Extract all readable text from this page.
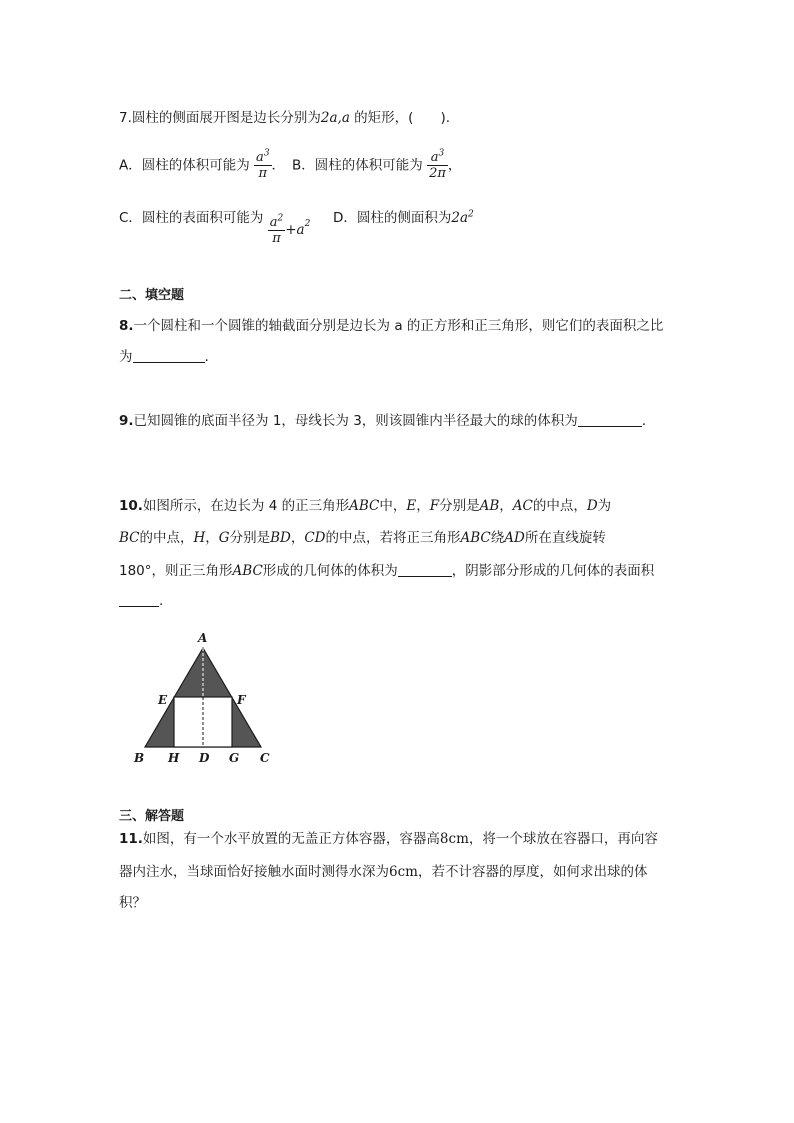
7.圆柱的侧面展开图是边长分别为2a,a 的矩形，(　　).
A．圆柱的体积可能为 $\frac{a^3}{\pi}$ ． B．圆柱的体积可能为 $\frac{a^3}{2\pi}$ ，
C．圆柱的表面积可能为 $\frac{a^2}{\pi} +a^2$ D．圆柱的侧面积为$2a^2$
二、填空题
8.一个圆柱和一个圆锥的轴截面分别是边长为 a 的正方形和正三角形，则它们的表面积之比
为	.
9.已知圆锥的底面半径为 1，母线长为 3，则该圆锥内半径最大的球的体积为	.
10.如图所示，在边长为 4 的正三角形ABC中，E，F分别是AB，AC的中点，D为
BC的中点，H，G分别是BD，CD的中点，若将正三角形ABC绕AD所在直线旋转
180°，则正三角形ABC形成的几何体的体积为	，阴影部分形成的几何体的表面积
.
A
B	C
D
E	F
G
H
三、解答题
11.如图，有一个水平放置的无盖正方体容器，容器高8cm，将一个球放在容器口，再向容
器内注水，当球面恰好接触水面时测得水深为6cm，若不计容器的厚度，如何求出球的体
积？
